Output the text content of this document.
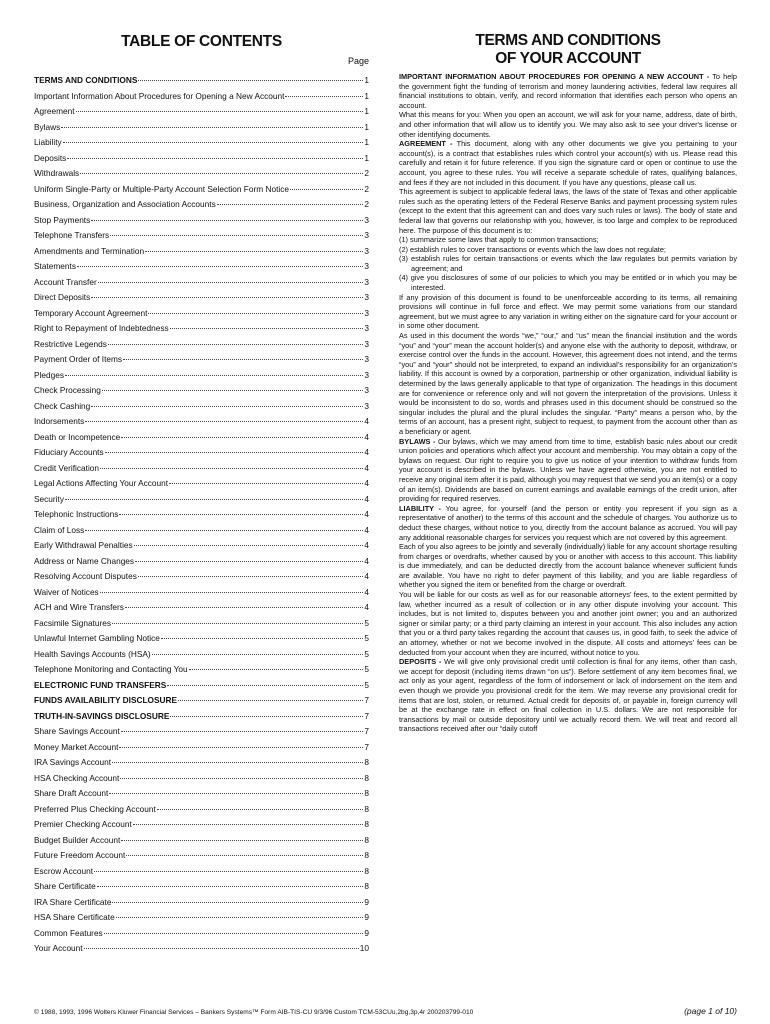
TABLE OF CONTENTS
Page
TERMS AND CONDITIONS	1
Important Information About Procedures for Opening a New Account	1
Agreement	1
Bylaws	1
Liability	1
Deposits	1
Withdrawals	2
Uniform Single-Party or Multiple-Party Account Selection Form Notice	2
Business, Organization and Association Accounts	2
Stop Payments	3
Telephone Transfers	3
Amendments and Termination	3
Statements	3
Account Transfer	3
Direct Deposits	3
Temporary Account Agreement	3
Right to Repayment of Indebtedness	3
Restrictive Legends	3
Payment Order of Items	3
Pledges	3
Check Processing	3
Check Cashing	3
Indorsements	4
Death or Incompetence	4
Fiduciary Accounts	4
Credit Verification	4
Legal Actions Affecting Your Account	4
Security	4
Telephonic Instructions	4
Claim of Loss	4
Early Withdrawal Penalties	4
Address or Name Changes	4
Resolving Account Disputes	4
Waiver of Notices	4
ACH and Wire Transfers	4
Facsimile Signatures	5
Unlawful Internet Gambling Notice	5
Health Savings Accounts (HSA)	5
Telephone Monitoring and Contacting You	5
ELECTRONIC FUND TRANSFERS	5
FUNDS AVAILABILITY DISCLOSURE	7
TRUTH-IN-SAVINGS DISCLOSURE	7
Share Savings Account	7
Money Market Account	7
IRA Savings Account	8
HSA Checking Account	8
Share Draft Account	8
Preferred Plus Checking Account	8
Premier Checking Account	8
Budget Builder Account	8
Future Freedom Account	8
Escrow Account	8
Share Certificate	8
IRA Share Certificate	9
HSA Share Certificate	9
Common Features	9
Your Account	10
TERMS AND CONDITIONS
OF YOUR ACCOUNT

IMPORTANT INFORMATION ABOUT PROCEDURES FOR OPENING A NEW ACCOUNT - To help the government fight the funding of terrorism and money laundering activities, federal law requires all financial institutions to obtain, verify, and record information that identifies each person who opens an account.

What this means for you: When you open an account, we will ask for your name, address, date of birth, and other information that will allow us to identify you. We may also ask to see your driver's license or other identifying documents.

AGREEMENT - This document, along with any other documents we give you pertaining to your account(s), is a contract that establishes rules which control your account(s) with us. Please read this carefully and retain it for future reference. If you sign the signature card or open or continue to use the account, you agree to these rules. You will receive a separate schedule of rates, qualifying balances, and fees if they are not included in this document. If you have any questions, please call us.

This agreement is subject to applicable federal laws, the laws of the state of Texas and other applicable rules such as the operating letters of the Federal Reserve Banks and payment processing system rules (except to the extent that this agreement can and does vary such rules or laws). The body of state and federal law that governs our relationship with you, however, is too large and complex to be reproduced here. The purpose of this document is to:

(1) summarize some laws that apply to common transactions;

(2) establish rules to cover transactions or events which the law does not regulate;

(3) establish rules for certain transactions or events which the law regulates but permits variation by agreement; and

(4) give you disclosures of some of our policies to which you may be entitled or in which you may be interested.

If any provision of this document is found to be unenforceable according to its terms, all remaining provisions will continue in full force and effect. We may permit some variations from our standard agreement, but we must agree to any variation in writing either on the signature card for your account or in some other document.

As used in this document the words “we,” “our,” and “us” mean the financial institution and the words “you” and “your” mean the account holder(s) and anyone else with the authority to deposit, withdraw, or exercise control over the funds in the account. However, this agreement does not intend, and the terms “you” and “your” should not be interpreted, to expand an individual’s responsibility for an organization’s liability. If this account is owned by a corporation, partnership or other organization, individual liability is determined by the laws generally applicable to that type of organization. The headings in this document are for convenience or reference only and will not govern the interpretation of the provisions. Unless it would be inconsistent to do so, words and phrases used in this document should be construed so the singular includes the plural and the plural includes the singular. “Party” means a person who, by the terms of an account, has a present right, subject to request, to payment from the account other than as a beneficiary or agent.

BYLAWS - Our bylaws, which we may amend from time to time, establish basic rules about our credit union policies and operations which affect your account and membership. You may obtain a copy of the bylaws on request. Our right to require you to give us notice of your intention to withdraw funds from your account is described in the bylaws. Unless we have agreed otherwise, you are not entitled to receive any original item after it is paid, although you may request that we send you an item(s) or a copy of an item(s). Dividends are based on current earnings and available earnings of the credit union, after providing for required reserves.

LIABILITY - You agree, for yourself (and the person or entity you represent if you sign as a representative of another) to the terms of this account and the schedule of charges. You authorize us to deduct these charges, without notice to you, directly from the account balance as accrued. You will pay any additional reasonable charges for services you request which are not covered by this agreement.

Each of you also agrees to be jointly and severally (individually) liable for any account shortage resulting from charges or overdrafts, whether caused by you or another with access to this account. This liability is due immediately, and can be deducted directly from the account balance whenever sufficient funds are available. You have no right to defer payment of this liability, and you are liable regardless of whether you signed the item or benefited from the charge or overdraft.

You will be liable for our costs as well as for our reasonable attorneys’ fees, to the extent permitted by law, whether incurred as a result of collection or in any other dispute involving your account. This includes, but is not limited to, disputes between you and another joint owner; you and an authorized signer or similar party; or a third party claiming an interest in your account. This also includes any action that you or a third party takes regarding the account that causes us, in good faith, to seek the advice of an attorney, whether or not we become involved in the dispute. All costs and attorneys’ fees can be deducted from your account when they are incurred, without notice to you.

DEPOSITS - We will give only provisional credit until collection is final for any items, other than cash, we accept for deposit (including items drawn “on us”). Before settlement of any item becomes final, we act only as your agent, regardless of the form of indorsement or lack of indorsement on the item and even though we provide you provisional credit for the item. We may reverse any provisional credit for items that are lost, stolen, or returned. Actual credit for deposits of, or payable in, foreign currency will be at the exchange rate in effect on final collection in U.S. dollars. We are not responsible for transactions by mail or outside depository until we actually record them. We will treat and record all transactions received after our “daily cutoff

© 1988, 1993, 1996 Wolters Kluwer Financial Services – Bankers Systems™ Form AIB-TIS-CU 9/3/96 Custom TCM-53CUu,2bg,3p,4r 200203799-010	(page 1 of 10)
